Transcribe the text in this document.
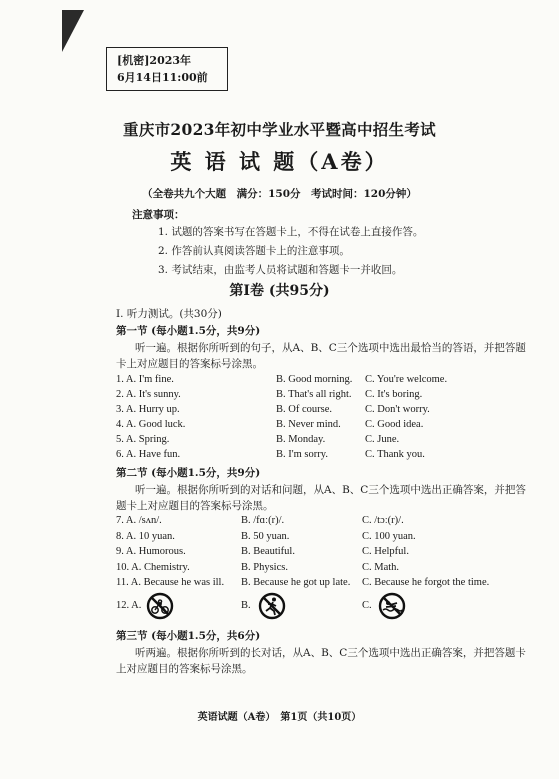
[机密]2023年
6月14日11:00前
重庆市2023年初中学业水平暨高中招生考试
英 语 试 题（A卷）
（全卷共九个大题　满分：150分　考试时间：120分钟）
注意事项：
1. 试题的答案书写在答题卡上，不得在试卷上直接作答。
2. 作答前认真阅读答题卡上的注意事项。
3. 考试结束，由监考人员将试题和答题卡一并收回。
第I卷 (共95分)
I. 听力测试。(共30分)
第一节 (每小题1.5分，共9分)
听一遍。根据你所听到的句子，从A、B、C三个选项中选出最恰当的答语，并把答题
卡上对应题目的答案标号涂黑。
1. A. I'm fine.	B. Good morning. C. You're welcome.
2. A. It's sunny.	B. That's all right. C. It's boring.
3. A. Hurry up.	B. Of course.	C. Don't worry.
4. A. Good luck.	B. Never mind. C. Good idea.
5. A. Spring.	B. Monday.	C. June.
6. A. Have fun.	B. I'm sorry.	C. Thank you.
第二节 (每小题1.5分，共9分)
听一遍。根据你所听到的对话和问题，从A、B、C三个选项中选出正确答案，并把答
题卡上对应题目的答案标号涂黑。
7. A. /sʌn/.	B. /fɑː(r)/.	C. /tɔː(r)/.
8. A. 10 yuan.	B. 50 yuan.	C. 100 yuan.
9. A. Humorous.	B. Beautiful.	C. Helpful.
10. A. Chemistry.	B. Physics.	C. Math.
11. A. Because he was ill. B. Because he got up late. C. Because he forgot the time.
12. A.	B.	C.
第三节 (每小题1.5分，共6分)
听两遍。根据你所听到的长对话，从A、B、C三个选项中选出正确答案，并把答题卡
上对应题目的答案标号涂黑。
英语试题（A卷）　第1页（共10页）
